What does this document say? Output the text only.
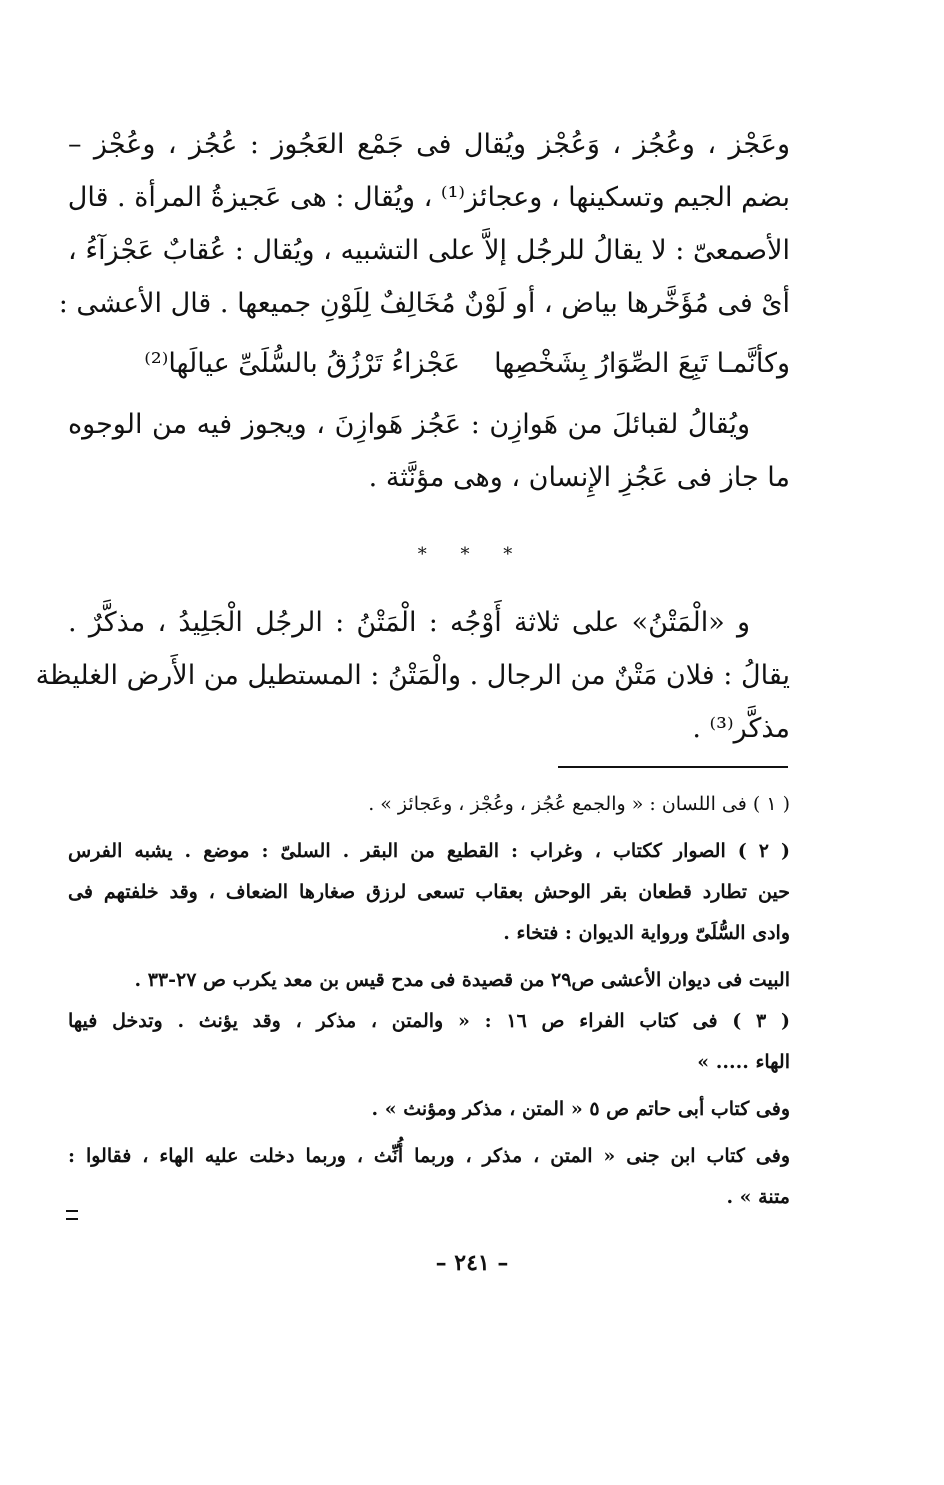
وعَجْز ، وعُجُز ، وَعُجْز ويُقال فى جَمْع العَجُوز : عُجُز ، وعُجْز –
بضم الجيم وتسكينها ، وعجائز⁽¹⁾ ، ويُقال : هى عَجيزةُ المرأة . قال
الأصمعىّ : لا يقالُ للرجُل إلاَّ على التشبيه ، ويُقال : عُقابٌ عَجْزآءُ ،
أىْ فى مُؤَخَّرها بياض ، أو لَوْنٌ مُخَالِفٌ لِلَوْنِ جميعها . قال الأعشى :
وكأنَّمـا تَبِعَ الصِّوَارُ بِشَخْصِها
عَجْزاءُ تَرْزُقُ بالسُّلَىِّ عيالَها⁽²⁾
ويُقالُ لقبائلَ من هَوازِن : عَجُز هَوازِنَ ، ويجوز فيه من الوجوه
ما جاز فى عَجُزِ الإِنسان ، وهى مؤنَّثة .
* * *
و «الْمَتْنُ» على ثلاثة أَوْجُه : الْمَتْنُ : الرجُل الْجَلِيدُ ، مذكَّرٌ .
يقالُ : فلان مَتْنٌ من الرجال . والْمَتْنُ : المستطيل من الأَرض الغليظة
مذكَّر⁽³⁾ .
( ١ ) فى اللسان : « والجمع عُجُز ، وعُجْز ، وعَجائز » .
( ٢ ) الصوار ككتاب ، وغراب : القطيع من البقر . السلىّ : موضع . يشبه الفرس
حين تطارد قطعان بقر الوحش بعقاب تسعى لرزق صغارها الضعاف ، وقد خلفتهم فى
وادى السُّلَىّ ورواية الديوان : فتخاء .
البيت فى ديوان الأعشى ص٢٩ من قصيدة فى مدح قيس بن معد يكرب ص ٢٧-٣٣ .
( ٣ ) فى كتاب الفراء ص ١٦ : « والمتن ، مذكر ، وقد يؤنث . وتدخل فيها
الهاء ..... »
وفى كتاب أبى حاتم ص ٥ « المتن ، مذكر ومؤنث » .
وفى كتاب ابن جنى « المتن ، مذكر ، وربما أُنِّث ، وربما دخلت عليه الهاء ، فقالوا :
متنة » .
– ٢٤١ –
